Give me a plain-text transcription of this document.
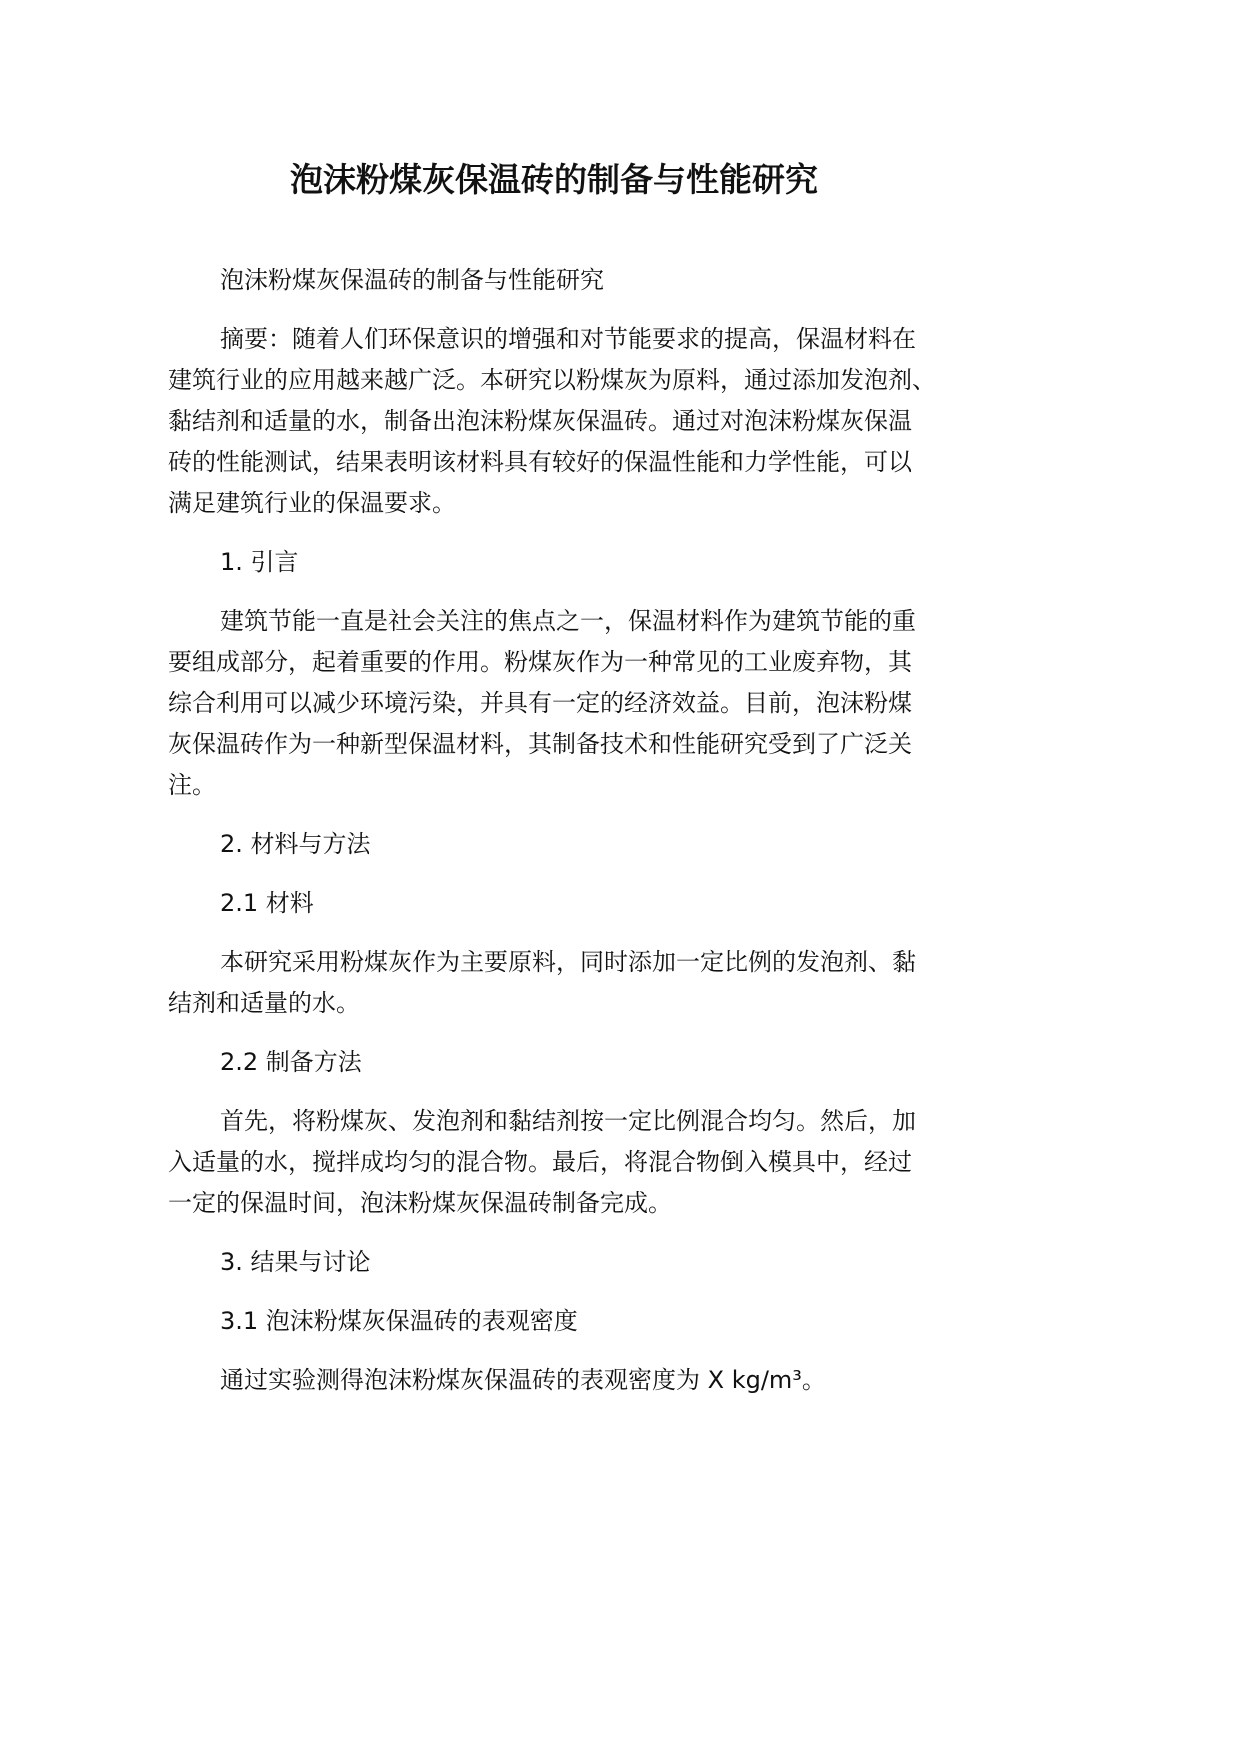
泡沫粉煤灰保温砖的制备与性能研究
泡沫粉煤灰保温砖的制备与性能研究
摘要：随着人们环保意识的增强和对节能要求的提高，保温材料在
建筑行业的应用越来越广泛。本研究以粉煤灰为原料，通过添加发泡剂、
黏结剂和适量的水，制备出泡沫粉煤灰保温砖。通过对泡沫粉煤灰保温
砖的性能测试，结果表明该材料具有较好的保温性能和力学性能，可以
满足建筑行业的保温要求。
1. 引言
建筑节能一直是社会关注的焦点之一，保温材料作为建筑节能的重
要组成部分，起着重要的作用。粉煤灰作为一种常见的工业废弃物，其
综合利用可以减少环境污染，并具有一定的经济效益。目前，泡沫粉煤
灰保温砖作为一种新型保温材料，其制备技术和性能研究受到了广泛关
注。
2. 材料与方法
2.1 材料
本研究采用粉煤灰作为主要原料，同时添加一定比例的发泡剂、黏
结剂和适量的水。
2.2 制备方法
首先，将粉煤灰、发泡剂和黏结剂按一定比例混合均匀。然后，加
入适量的水，搅拌成均匀的混合物。最后，将混合物倒入模具中，经过
一定的保温时间，泡沫粉煤灰保温砖制备完成。
3. 结果与讨论
3.1 泡沫粉煤灰保温砖的表观密度
通过实验测得泡沫粉煤灰保温砖的表观密度为 X kg/m³。
